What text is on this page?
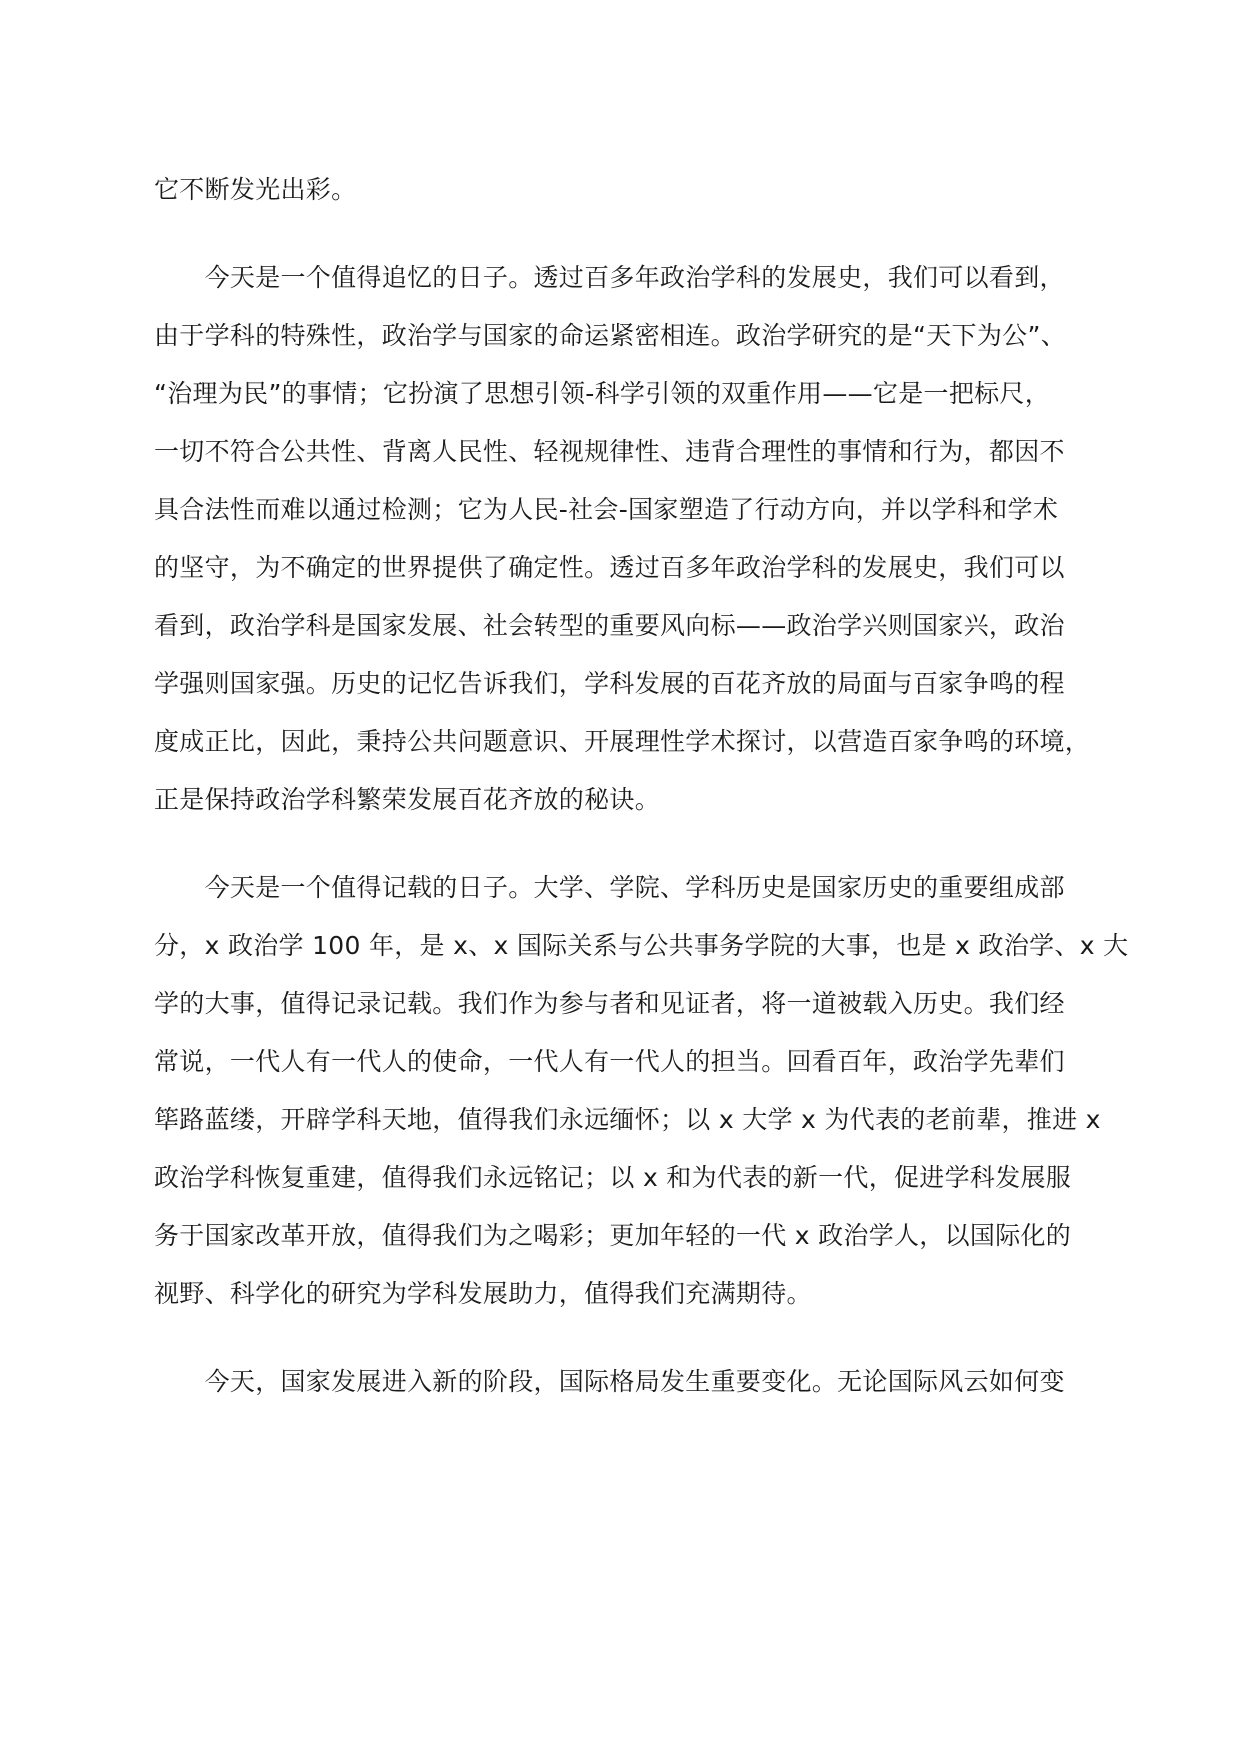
它不断发光出彩。
　　今天是一个值得追忆的日子。透过百多年政治学科的发展史，我们可以看到，
由于学科的特殊性，政治学与国家的命运紧密相连。政治学研究的是“天下为公”、
“治理为民”的事情；它扮演了思想引领-科学引领的双重作用——它是一把标尺，
一切不符合公共性、背离人民性、轻视规律性、违背合理性的事情和行为，都因不
具合法性而难以通过检测；它为人民-社会-国家塑造了行动方向，并以学科和学术
的坚守，为不确定的世界提供了确定性。透过百多年政治学科的发展史，我们可以
看到，政治学科是国家发展、社会转型的重要风向标——政治学兴则国家兴，政治
学强则国家强。历史的记忆告诉我们，学科发展的百花齐放的局面与百家争鸣的程
度成正比，因此，秉持公共问题意识、开展理性学术探讨，以营造百家争鸣的环境，
正是保持政治学科繁荣发展百花齐放的秘诀。
　　今天是一个值得记载的日子。大学、学院、学科历史是国家历史的重要组成部
分，x 政治学 100 年，是 x、x 国际关系与公共事务学院的大事，也是 x 政治学、x 大
学的大事，值得记录记载。我们作为参与者和见证者，将一道被载入历史。我们经
常说，一代人有一代人的使命，一代人有一代人的担当。回看百年，政治学先辈们
筚路蓝缕，开辟学科天地，值得我们永远缅怀；以 x 大学 x 为代表的老前辈，推进 x
政治学科恢复重建，值得我们永远铭记；以 x 和为代表的新一代，促进学科发展服
务于国家改革开放，值得我们为之喝彩；更加年轻的一代 x 政治学人，以国际化的
视野、科学化的研究为学科发展助力，值得我们充满期待。
　　今天，国家发展进入新的阶段，国际格局发生重要变化。无论国际风云如何变
